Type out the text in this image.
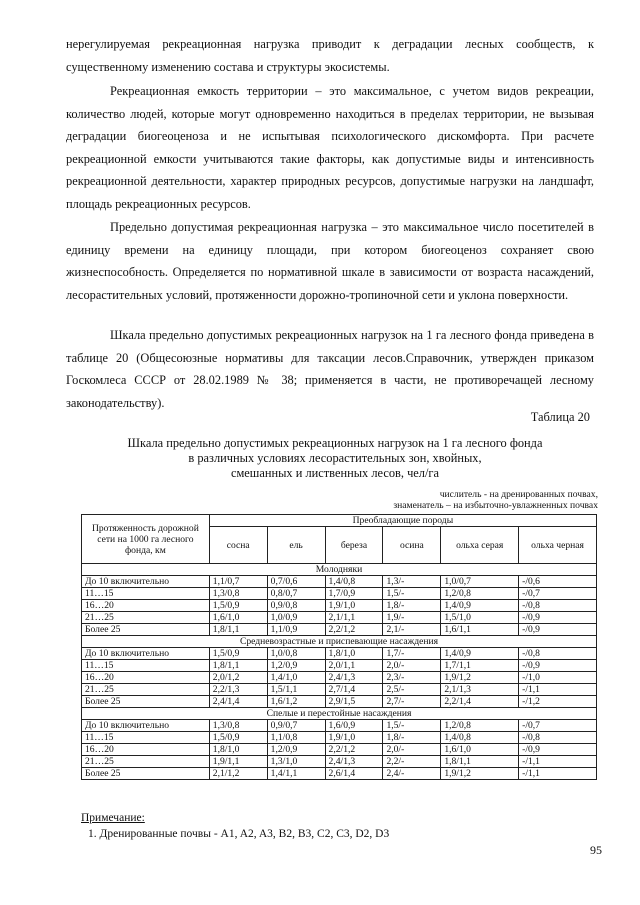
нерегулируемая рекреационная нагрузка приводит к деградации лесных сообществ, к существенному изменению состава и структуры экосистемы.

Рекреационная емкость территории – это максимальное, с учетом видов рекреации, количество людей, которые могут одновременно находиться в пределах территории, не вызывая деградации биогеоценоза и не испытывая психологического дискомфорта. При расчете рекреационной емкости учитываются такие факторы, как допустимые виды и интенсивность рекреационной деятельности, характер природных ресурсов, допустимые нагрузки на ландшафт, площадь рекреационных ресурсов.

Предельно допустимая рекреационная нагрузка – это максимальное число посетителей в единицу времени на единицу площади, при котором биогеоценоз сохраняет свою жизнеспособность. Определяется по нормативной шкале в зависимости от возраста насаждений, лесорастительных условий, протяженности дорожно-тропиночной сети и уклона поверхности.

Шкала предельно допустимых рекреационных нагрузок на 1 га лесного фонда приведена в таблице 20 (Общесоюзные нормативы для таксации лесов.Справочник, утвержден приказом Госкомлеса СССР от 28.02.1989 № 38; применяется в части, не противоречащей лесному законодательству).

Таблица 20
Шкала предельно допустимых рекреационных нагрузок на 1 га лесного фонда
в различных условиях лесорастительных зон, хвойных,
смешанных и лиственных лесов, чел/га
числитель - на дренированных почвах,
знаменатель – на избыточно-увлажненных почвах
Протяженность дорожной сети на 1000 га лесного фонда, км	Преобладающие породы					
	сосна	ель	береза	осина	ольха серая	ольха черная
Молодняки						
До 10 включительно	1,1/0,7	0,7/0,6	1,4/0,8	1,3/-	1,0/0,7	-/0,6
11…15	1,3/0,8	0,8/0,7	1,7/0,9	1,5/-	1,2/0,8	-/0,7
16…20	1,5/0,9	0,9/0,8	1,9/1,0	1,8/-	1,4/0,9	-/0,8
21…25	1,6/1,0	1,0/0,9	2,1/1,1	1,9/-	1,5/1,0	-/0,9
Более 25	1,8/1,1	1,1/0,9	2,2/1,2	2,1/-	1,6/1,1	-/0,9
Средневозрастные и приспевающие насаждения						
До 10 включительно	1,5/0,9	1,0/0,8	1,8/1,0	1,7/-	1,4/0,9	-/0,8
11…15	1,8/1,1	1,2/0,9	2,0/1,1	2,0/-	1,7/1,1	-/0,9
16…20	2,0/1,2	1,4/1,0	2,4/1,3	2,3/-	1,9/1,2	-/1,0
21…25	2,2/1,3	1,5/1,1	2,7/1,4	2,5/-	2,1/1,3	-/1,1
Более 25	2,4/1,4	1,6/1,2	2,9/1,5	2,7/-	2,2/1,4	-/1,2
Спелые и перестойные насаждения						
До 10 включительно	1,3/0,8	0,9/0,7	1,6/0,9	1,5/-	1,2/0,8	-/0,7
11…15	1,5/0,9	1,1/0,8	1,9/1,0	1,8/-	1,4/0,8	-/0,8
16…20	1,8/1,0	1,2/0,9	2,2/1,2	2,0/-	1,6/1,0	-/0,9
21…25	1,9/1,1	1,3/1,0	2,4/1,3	2,2/-	1,8/1,1	-/1,1
Более 25	2,1/1,2	1,4/1,1	2,6/1,4	2,4/-	1,9/1,2	-/1,1
Примечание:
1. Дренированные почвы - A1, A2, A3, B2, B3, C2, C3, D2, D3
95
